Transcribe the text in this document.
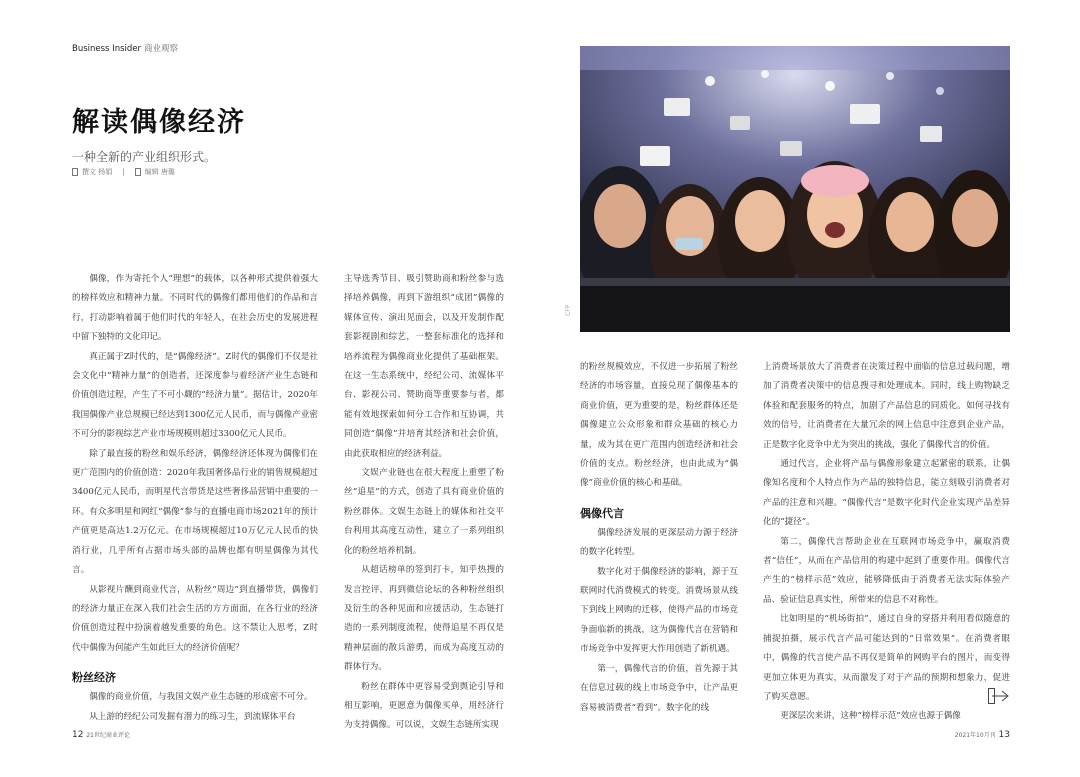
Business Insider 商业观察
解读偶像经济
一种全新的产业组织形式。
撰文 杨娟 |	编辑 唐璐

偶像，作为寄托个人“理想”的载体，以各种形式提供着强大的榜样效应和精神力量。不同时代的偶像们都用他们的作品和言行，打动影响着属于他们时代的年轻人，在社会历史的发展进程中留下独特的文化印记。

真正属于Z时代的，是“偶像经济”。Z时代的偶像们不仅是社会文化中“精神力量”的创造者，还深度参与着经济产业生态链和价值创造过程，产生了不可小觑的“经济力量”。据估计，2020年我国偶像产业总规模已经达到1300亿元人民币，而与偶像产业密不可分的影视综艺产业市场规模则超过3300亿元人民币。

除了最直接的粉丝和娱乐经济，偶像经济还体现为偶像们在更广范围内的价值创造：2020年我国奢侈品行业的销售规模超过3400亿元人民币，而明星代言带货是这些奢侈品营销中重要的一环。有众多明星和网红“偶像”参与的直播电商市场2021年的预计产值更是高达1.2万亿元。在市场规模超过10万亿元人民币的快消行业，几乎所有占据市场头部的品牌也都有明星偶像为其代言。

从影视片酬到商业代言，从粉丝“周边”到直播带货，偶像们的经济力量正在深入我们社会生活的方方面面，在各行业的经济价值创造过程中扮演着越发重要的角色。这不禁让人思考，Z时代中偶像为何能产生如此巨大的经济价值呢？

粉丝经济

偶像的商业价值，与我国文娱产业生态链的形成密不可分。

从上游的经纪公司发掘有潜力的练习生，到流媒体平台

主导选秀节目、吸引赞助商和粉丝参与选择培养偶像，再到下游组织“成团”偶像的媒体宣传、演出见面会，以及开发制作配套影视剧和综艺，一整套标准化的选择和培养流程为偶像商业化提供了基础框架。在这一生态系统中，经纪公司、流媒体平台、影视公司、赞助商等重要参与者，都能有效地探索如何分工合作和互协调，共同创造“偶像”并培育其经济和社会价值，由此获取相应的经济利益。

文娱产业链也在很大程度上重塑了粉丝“追星”的方式，创造了具有商业价值的粉丝群体。文娱生态链上的媒体和社交平台利用其高度互动性，建立了一系列组织化的粉丝培养机制。

从超话榜单的签到打卡，知乎热搜的发言控评，再到微信论坛的各种粉丝组织及衍生的各种见面和应援活动，生态链打造的一系列制度流程，使得追星不再仅是精神层面的散兵游勇，而成为高度互动的群体行为。

粉丝在群体中更容易受到舆论引导和相互影响，更愿意为偶像买单，用经济行为支持偶像。可以说，文娱生态链所实现

的粉丝规模效应，不仅进一步拓展了粉丝经济的市场容量，直接兑现了偶像基本的商业价值，更为重要的是，粉丝群体还是偶像建立公众形象和群众基础的核心力量，成为其在更广范围内创造经济和社会价值的支点。粉丝经济，也由此成为“偶像”商业价值的核心和基础。

偶像代言

偶像经济发展的更深层动力源于经济的数字化转型。

数字化对于偶像经济的影响，源于互联网时代消费模式的转变。消费场景从线下到线上网购的迁移，使得产品的市场竞争面临新的挑战，这为偶像代言在营销和市场竞争中发挥更大作用创造了新机遇。

第一，偶像代言的价值，首先源于其在信息过载的线上市场竞争中，让产品更容易被消费者“看到”。数字化的线

上消费场景放大了消费者在决策过程中面临的信息过载问题，增加了消费者决策中的信息搜寻和处理成本。同时，线上购物缺乏体验和配套服务的特点，加剧了产品信息的同质化。如何寻找有效的信号，让消费者在大量冗余的网上信息中注意到企业产品，正是数字化竞争中尤为突出的挑战，强化了偶像代言的价值。

通过代言，企业将产品与偶像形象建立起紧密的联系，让偶像知名度和个人特点作为产品的独特信息，能立刻吸引消费者对产品的注意和兴趣。“偶像代言”是数字化时代企业实现产品差异化的“捷径”。

第二，偶像代言帮助企业在互联网市场竞争中，赢取消费者“信任”，从而在产品信用的构建中起到了重要作用。偶像代言产生的“榜样示范”效应，能够降低由于消费者无法实际体验产品、验证信息真实性，所带来的信息不对称性。

比如明星的“机场街拍”，通过自身的穿搭并利用看似随意的捕捉拍摄，展示代言产品可能达到的“日常效果”。在消费者眼中，偶像的代言使产品不再仅是简单的网购平台的图片，而变得更加立体更为真实，从而激发了对于产品的预期和想象力，促进了购买意愿。

更深层次来讲，这种“榜样示范”效应也源于偶像

CFP
12 21世纪商业评论	2021年10月刊 13
